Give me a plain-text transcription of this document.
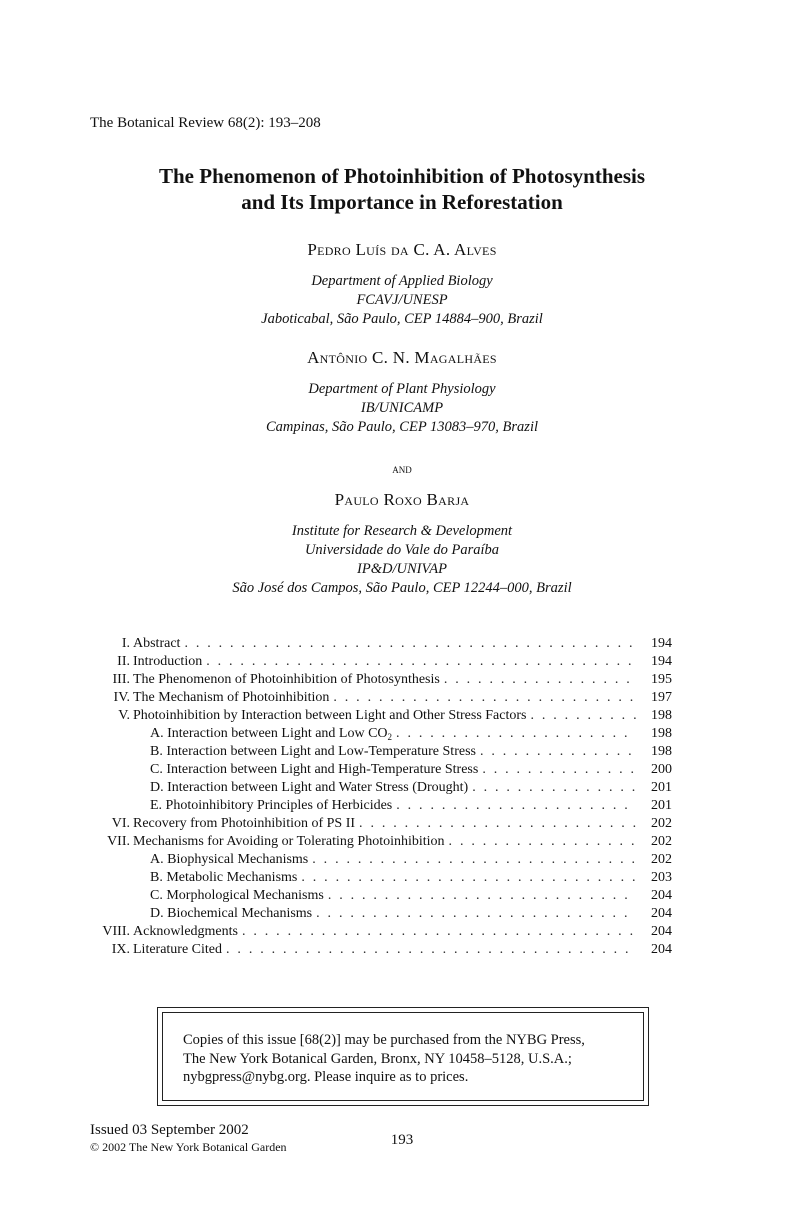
The Botanical Review 68(2): 193–208
The Phenomenon of Photoinhibition of Photosynthesis
and Its Importance in Reforestation
Pedro Luís da C. A. Alves
Department of Applied Biology
FCAVJ/UNESP
Jaboticabal, São Paulo, CEP 14884–900, Brazil
Antônio C. N. Magalhães
Department of Plant Physiology
IB/UNICAMP
Campinas, São Paulo, CEP 13083–970, Brazil
and
Paulo Roxo Barja
Institute for Research & Development
Universidade do Vale do Paraíba
IP&D/UNIVAP
São José dos Campos, São Paulo, CEP 12244–000, Brazil
I. Abstract . . .	194
II. Introduction . . .	194
III. The Phenomenon of Photoinhibition of Photosynthesis . . .	195
IV. The Mechanism of Photoinhibition . . .	197
V. Photoinhibition by Interaction between Light and Other Stress Factors . . .	198
A. Interaction between Light and Low $CO_2$ . . .	198
B. Interaction between Light and Low-Temperature Stress . . .	198
C. Interaction between Light and High-Temperature Stress . . .	200
D. Interaction between Light and Water Stress (Drought) . . .	201
E. Photoinhibitory Principles of Herbicides . . .	201
VI. Recovery from Photoinhibition of PS II . . .	202
VII. Mechanisms for Avoiding or Tolerating Photoinhibition . . .	202
A. Biophysical Mechanisms . . .	202
B. Metabolic Mechanisms . . .	203
C. Morphological Mechanisms . . .	204
D. Biochemical Mechanisms . . .	204
VIII. Acknowledgments . . .	204
IX. Literature Cited . . .	204
Copies of this issue [68(2)] may be purchased from the NYBG Press,
The New York Botanical Garden, Bronx, NY 10458–5128, U.S.A.;
nybgpress@nybg.org. Please inquire as to prices.
Issued 03 September 2002
© 2002 The New York Botanical Garden	193
